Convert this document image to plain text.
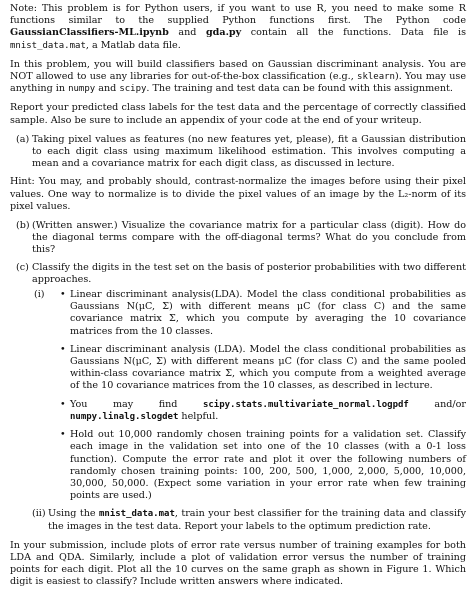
Note: This problem is for Python users, if you want to use R, you need to make some R functions similar to the supplied Python functions first. The Python code GaussianClassifiers-ML.ipynb and gda.py contain all the functions. Data file is mnist_data.mat, a Matlab data file.

In this problem, you will build classifiers based on Gaussian discriminant analysis. You are NOT allowed to use any libraries for out-of-the-box classification (e.g., sklearn). You may use anything in numpy and scipy. The training and test data can be found with this assignment.

Report your predicted class labels for the test data and the percentage of correctly classified sample. Also be sure to include an appendix of your code at the end of your writeup.

(a) Taking pixel values as features (no new features yet, please), fit a Gaussian distribution to each digit class using maximum likelihood estimation. This involves computing a mean and a covariance matrix for each digit class, as discussed in lecture.

Hint: You may, and probably should, contrast-normalize the images before using their pixel values. One way to normalize is to divide the pixel values of an image by the L₂-norm of its pixel values.

(b) (Written answer.) Visualize the covariance matrix for a particular class (digit). How do the diagonal terms compare with the off-diagonal terms? What do you conclude from this?
(c) Classify the digits in the test set on the basis of posterior probabilities with two different approaches.
(i) • Linear discriminant analysis(LDA). Model the class conditional probabilities as Gaussians N(μC, Σ) with different means μC (for class C) and the same covariance matrix Σ, which you compute by averaging the 10 covariance matrices from the 10 classes.
• Linear discriminant analysis (LDA). Model the class conditional probabilities as Gaussians N(μC, Σ) with different means μC (for class C) and the same pooled within-class covariance matrix Σ, which you compute from a weighted average of the 10 covariance matrices from the 10 classes, as described in lecture.
• You may find scipy.stats.multivariate_normal.logpdf and/or numpy.linalg.slogdet helpful.
• Hold out 10,000 randomly chosen training points for a validation set. Classify each image in the validation set into one of the 10 classes (with a 0-1 loss function). Compute the error rate and plot it over the following numbers of randomly chosen training points: 100, 200, 500, 1,000, 2,000, 5,000, 10,000, 30,000, 50,000. (Expect some variation in your error rate when few training points are used.)
(ii) Using the mnist_data.mat, train your best classifier for the training data and classify the images in the test data. Report your labels to the optimum prediction rate.

In your submission, include plots of error rate versus number of training examples for both LDA and QDA. Similarly, include a plot of validation error versus the number of training points for each digit. Plot all the 10 curves on the same graph as shown in Figure 1. Which digit is easiest to classify? Include written answers where indicated.
